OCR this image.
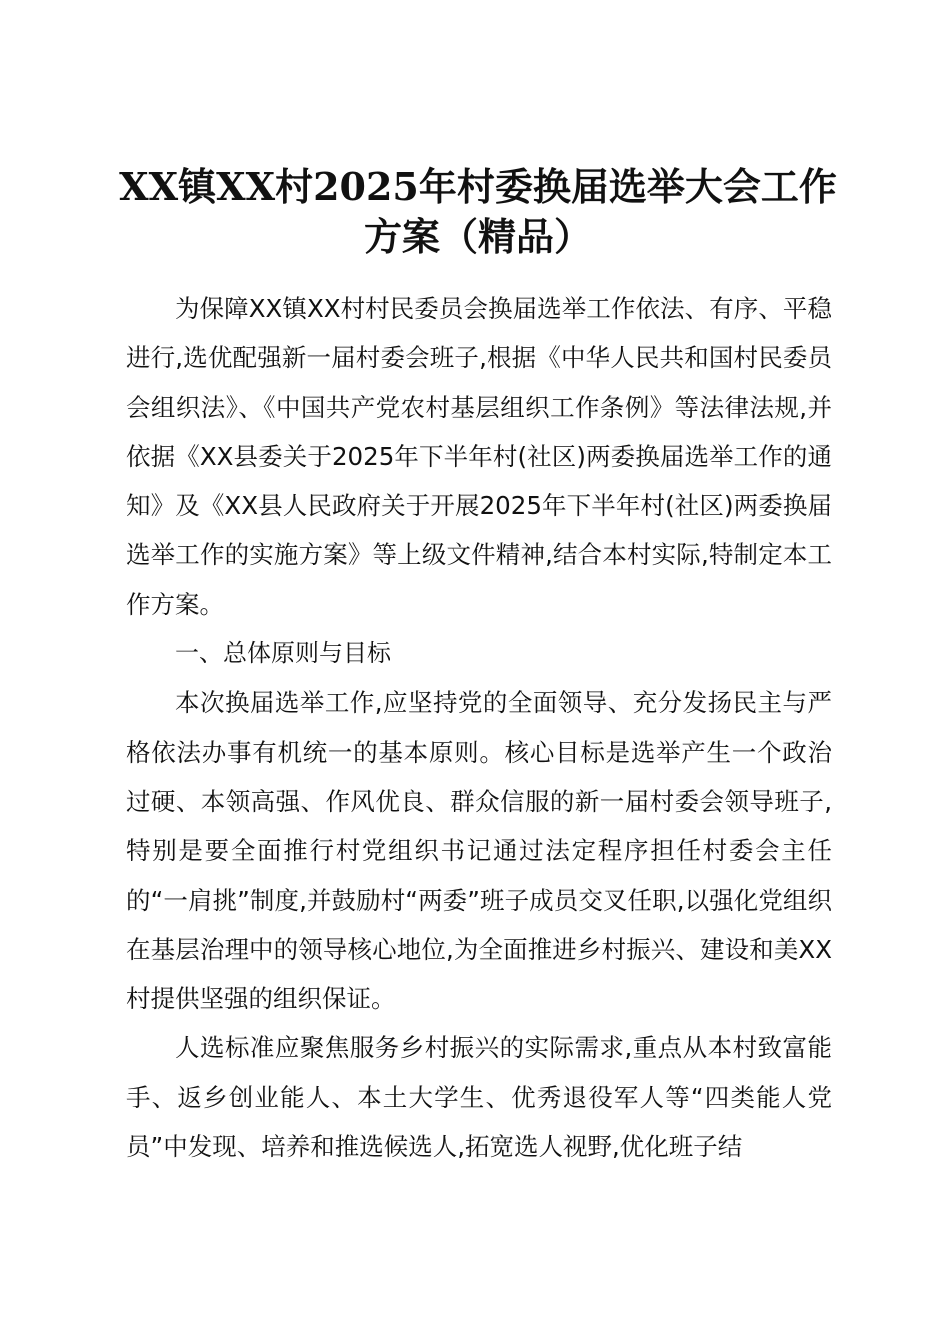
XX镇XX村2025年村委换届选举大会工作方案（精品）

为保障XX镇XX村村民委员会换届选举工作依法、有序、平稳进行,选优配强新一届村委会班子,根据《中华人民共和国村民委员会组织法》、《中国共产党农村基层组织工作条例》等法律法规,并依据《XX县委关于2025年下半年村(社区)两委换届选举工作的通知》及《XX县人民政府关于开展2025年下半年村(社区)两委换届选举工作的实施方案》等上级文件精神,结合本村实际,特制定本工作方案。

一、总体原则与目标

本次换届选举工作,应坚持党的全面领导、充分发扬民主与严格依法办事有机统一的基本原则。核心目标是选举产生一个政治过硬、本领高强、作风优良、群众信服的新一届村委会领导班子,特别是要全面推行村党组织书记通过法定程序担任村委会主任的“一肩挑”制度,并鼓励村“两委”班子成员交叉任职,以强化党组织在基层治理中的领导核心地位,为全面推进乡村振兴、建设和美XX村提供坚强的组织保证。

人选标准应聚焦服务乡村振兴的实际需求,重点从本村致富能手、返乡创业能人、本土大学生、优秀退役军人等“四类能人党员”中发现、培养和推选候选人,拓宽选人视野,优化班子结
